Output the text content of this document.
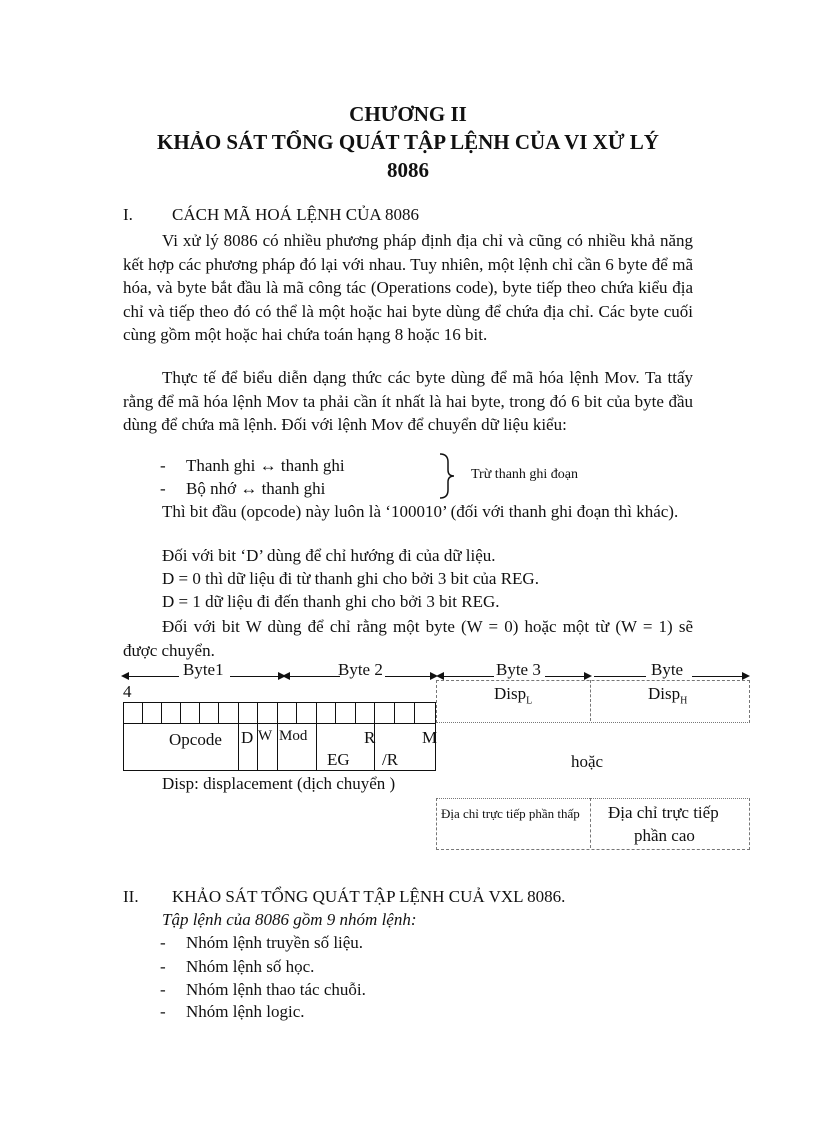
CHƯƠNG II
KHẢO SÁT TỔNG QUÁT TẬP LỆNH CỦA VI XỬ LÝ
8086
I. CÁCH MÃ HOÁ LỆNH CỦA 8086

Vi xử lý 8086 có nhiều phương pháp định địa chỉ và cũng có nhiều khả năng kết hợp các phương pháp đó lại với nhau. Tuy nhiên, một lệnh chỉ cần 6 byte để mã hóa, và byte bắt đầu là mã công tác (Operations code), byte tiếp theo chứa kiểu địa chỉ và tiếp theo đó có thể là một hoặc hai byte dùng để chứa địa chỉ. Các byte cuối cùng gồm một hoặc hai chứa toán hạng 8 hoặc 16 bit.

Thực tế để biểu diễn dạng thức các byte dùng để mã hóa lệnh Mov. Ta ttấy rằng để mã hóa lệnh Mov ta phải cần ít nhất là hai byte, trong đó 6 bit của byte đầu dùng để chứa mã lệnh. Đối với lệnh Mov để chuyển dữ liệu kiểu:

- Thanh ghi ↔ thanh ghi
- Bộ nhớ ↔ thanh ghi
Trừ thanh ghi đoạn

Thì bit đầu (opcode) này luôn là ‘100010’ (đối với thanh ghi đoạn thì khác).

Đối với bit ‘D’ dùng để chỉ hướng đi của dữ liệu.
D = 0 thì dữ liệu đi từ thanh ghi cho bởi 3 bit của REG.
D = 1 dữ liệu đi đến thanh ghi cho bởi 3 bit REG.

Đối với bit W dùng để chỉ rằng một byte (W = 0) hoặc một từ (W = 1) sẽ được chuyển.

Byte1	Byte 2	Byte 3	Byte
4	Disp$_L$	Disp$_H$
Opcode D W Mod	R
EG
M
/R	hoặc
Disp: displacement (dịch chuyển )
Địa chỉ trực tiếp phần thấp	Địa chỉ trực tiếp
phần cao
II. KHẢO SÁT TỔNG QUÁT TẬP LỆNH CUẢ VXL 8086.
Tập lệnh của 8086 gồm 9 nhóm lệnh:
- Nhóm lệnh truyền số liệu.
- Nhóm lệnh số học.
- Nhóm lệnh thao tác chuỗi.
- Nhóm lệnh logic.
